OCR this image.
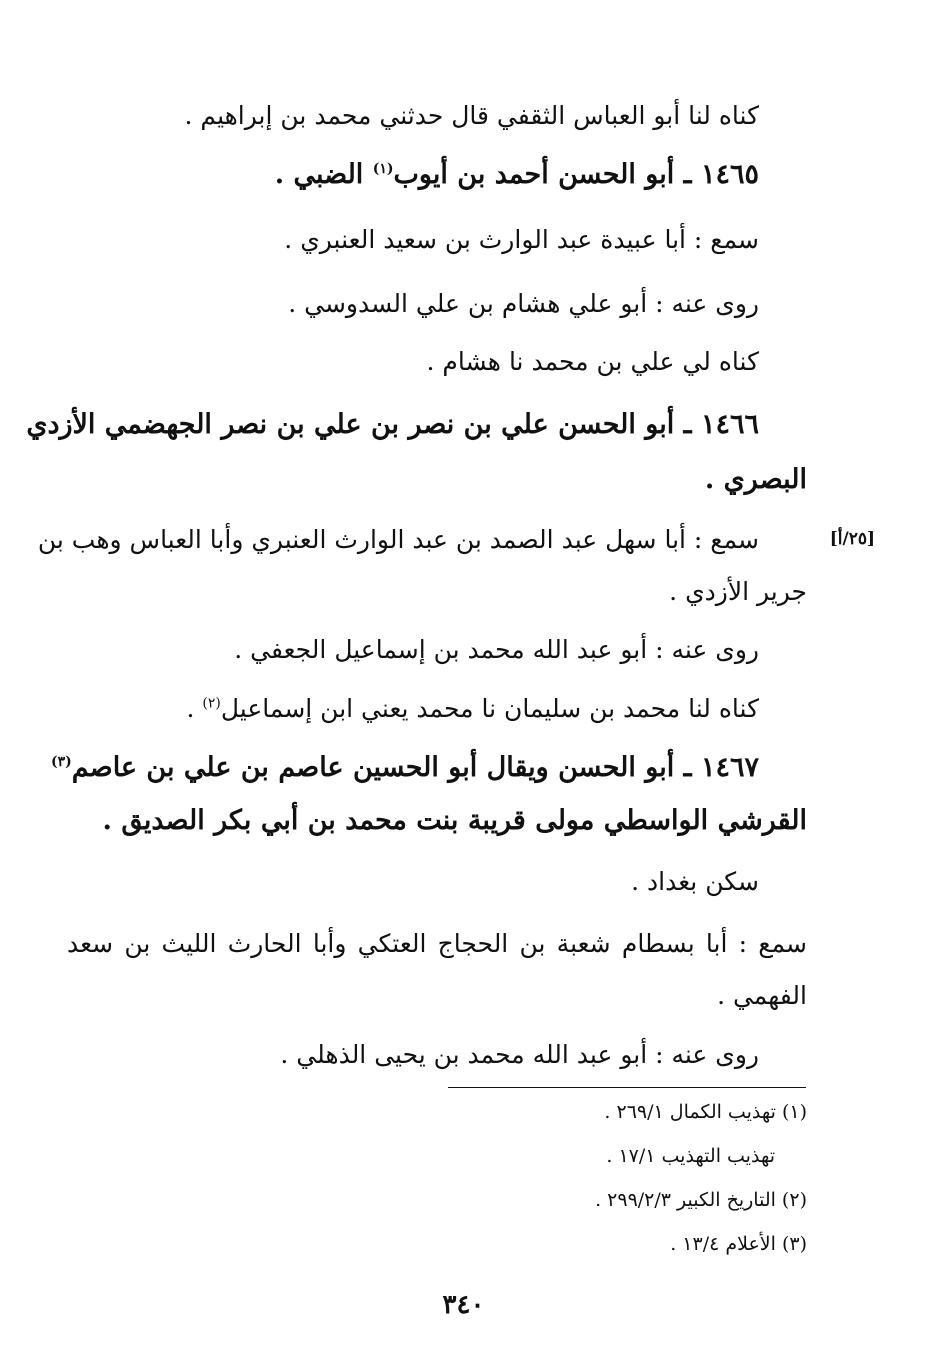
كناه لنا أبو العباس الثقفي قال حدثني محمد بن إبراهيم .
١٤٦٥ ـ أبو الحسن أحمد بن أيوب$^{(١)}$ الضبي .
سمع : أبا عبيدة عبد الوارث بن سعيد العنبري .
روى عنه : أبو علي هشام بن علي السدوسي .
كناه لي علي بن محمد نا هشام .
١٤٦٦ ـ أبو الحسن علي بن نصر بن علي بن نصر الجهضمي الأزدي
البصري .
[٢٥/أ]
سمع : أبا سهل عبد الصمد بن عبد الوارث العنبري وأبا العباس وهب بن
جرير الأزدي .
روى عنه : أبو عبد الله محمد بن إسماعيل الجعفي .
كناه لنا محمد بن سليمان نا محمد يعني ابن إسماعيل$^{(٢)}$ .
١٤٦٧ ـ أبو الحسن ويقال أبو الحسين عاصم بن علي بن عاصم$^{(٣)}$
القرشي الواسطي مولى قريبة بنت محمد بن أبي بكر الصديق .
سكن بغداد .
سمع : أبا بسطام شعبة بن الحجاج العتكي وأبا الحارث الليث بن سعد
الفهمي .
روى عنه : أبو عبد الله محمد بن يحيى الذهلي .
(١) تهذيب الكمال ٢٦٩/١ .
تهذيب التهذيب ١٧/١ .
(٢) التاريخ الكبير ٢٩٩/٢/٣ .
(٣) الأعلام ١٣/٤ .
٣٤٠
